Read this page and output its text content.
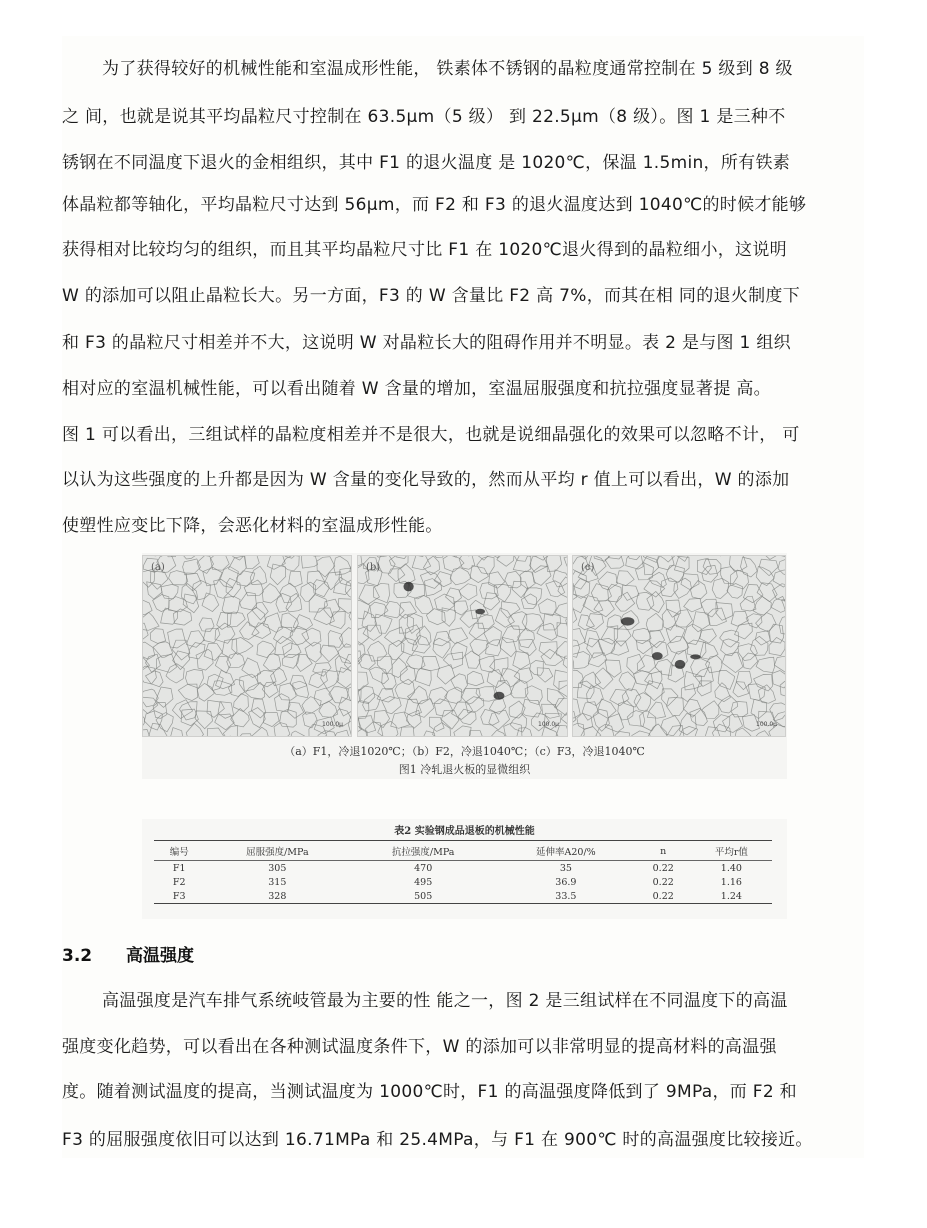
为了获得较好的机械性能和室温成形性能， 铁素体不锈钢的晶粒度通常控制在 5 级到 8 级
之 间，也就是说其平均晶粒尺寸控制在 63.5μm（5 级） 到 22.5μm（8 级）。图 1 是三种不
锈钢在不同温度下退火的金相组织，其中 F1 的退火温度 是 1020℃，保温 1.5min，所有铁素
体晶粒都等轴化，平均晶粒尺寸达到 56μm，而 F2 和 F3 的退火温度达到 1040℃的时候才能够
获得相对比较均匀的组织，而且其平均晶粒尺寸比 F1 在 1020℃退火得到的晶粒细小，这说明
W 的添加可以阻止晶粒长大。另一方面，F3 的 W 含量比 F2 高 7%，而其在相 同的退火制度下
和 F3 的晶粒尺寸相差并不大，这说明 W 对晶粒长大的阻碍作用并不明显。表 2 是与图 1 组织
相对应的室温机械性能，可以看出随着 W 含量的增加，室温屈服强度和抗拉强度显著提 高。
图 1 可以看出，三组试样的晶粒度相差并不是很大，也就是说细晶强化的效果可以忽略不计， 可
以认为这些强度的上升都是因为 W 含量的变化导致的，然而从平均 r 值上可以看出，W 的添加
使塑性应变比下降，会恶化材料的室温成形性能。
(a)
100.0µ
(b)
100.0µ
(c)
100.0µ
（a）F1，冷退1020℃；（b）F2，冷退1040℃；（c）F3，冷退1040℃
图1 冷轧退火板的显微组织
表2 实验钢成品退板的机械性能
编号	屈服强度/MPa	抗拉强度/MPa	延伸率A20/%	n	平均r值
F1	305	470	35	0.22	1.40
F2	315	495	36.9	0.22	1.16
F3	328	505	33.5	0.22	1.24
3.2 高温强度
高温强度是汽车排气系统岐管最为主要的性 能之一，图 2 是三组试样在不同温度下的高温
强度变化趋势，可以看出在各种测试温度条件下，W 的添加可以非常明显的提高材料的高温强
度。随着测试温度的提高，当测试温度为 1000℃时，F1 的高温强度降低到了 9MPa，而 F2 和
F3 的屈服强度依旧可以达到 16.71MPa 和 25.4MPa，与 F1 在 900℃ 时的高温强度比较接近。
